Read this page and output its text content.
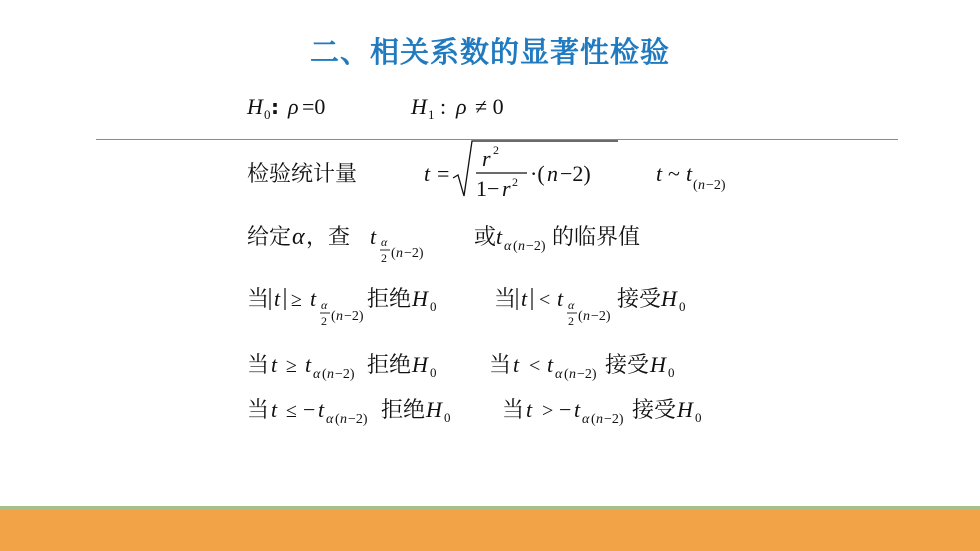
二、相关系数的显著性检验
H 0 : ρ =0	H 1 : ρ ≠ 0
检验统计量	t =
r 2
1− r 2 ·( n −2)	t ~ t ( n −2)
给定 α ，查 t α
2 ( n −2)
或 t α ( n −2) 的临界值
当 t ≥ t α
2 ( n −2)
拒绝 H 0	当 t < t α
2 ( n −2)
接受 H 0
当 t ≥ t α ( n −2) 拒绝 H 0 当 t < t α ( n −2) 接受 H 0
当 t ≤ − t α ( n −2) 拒绝 H 0 当 t > − t α ( n −2) 接受 H 0
